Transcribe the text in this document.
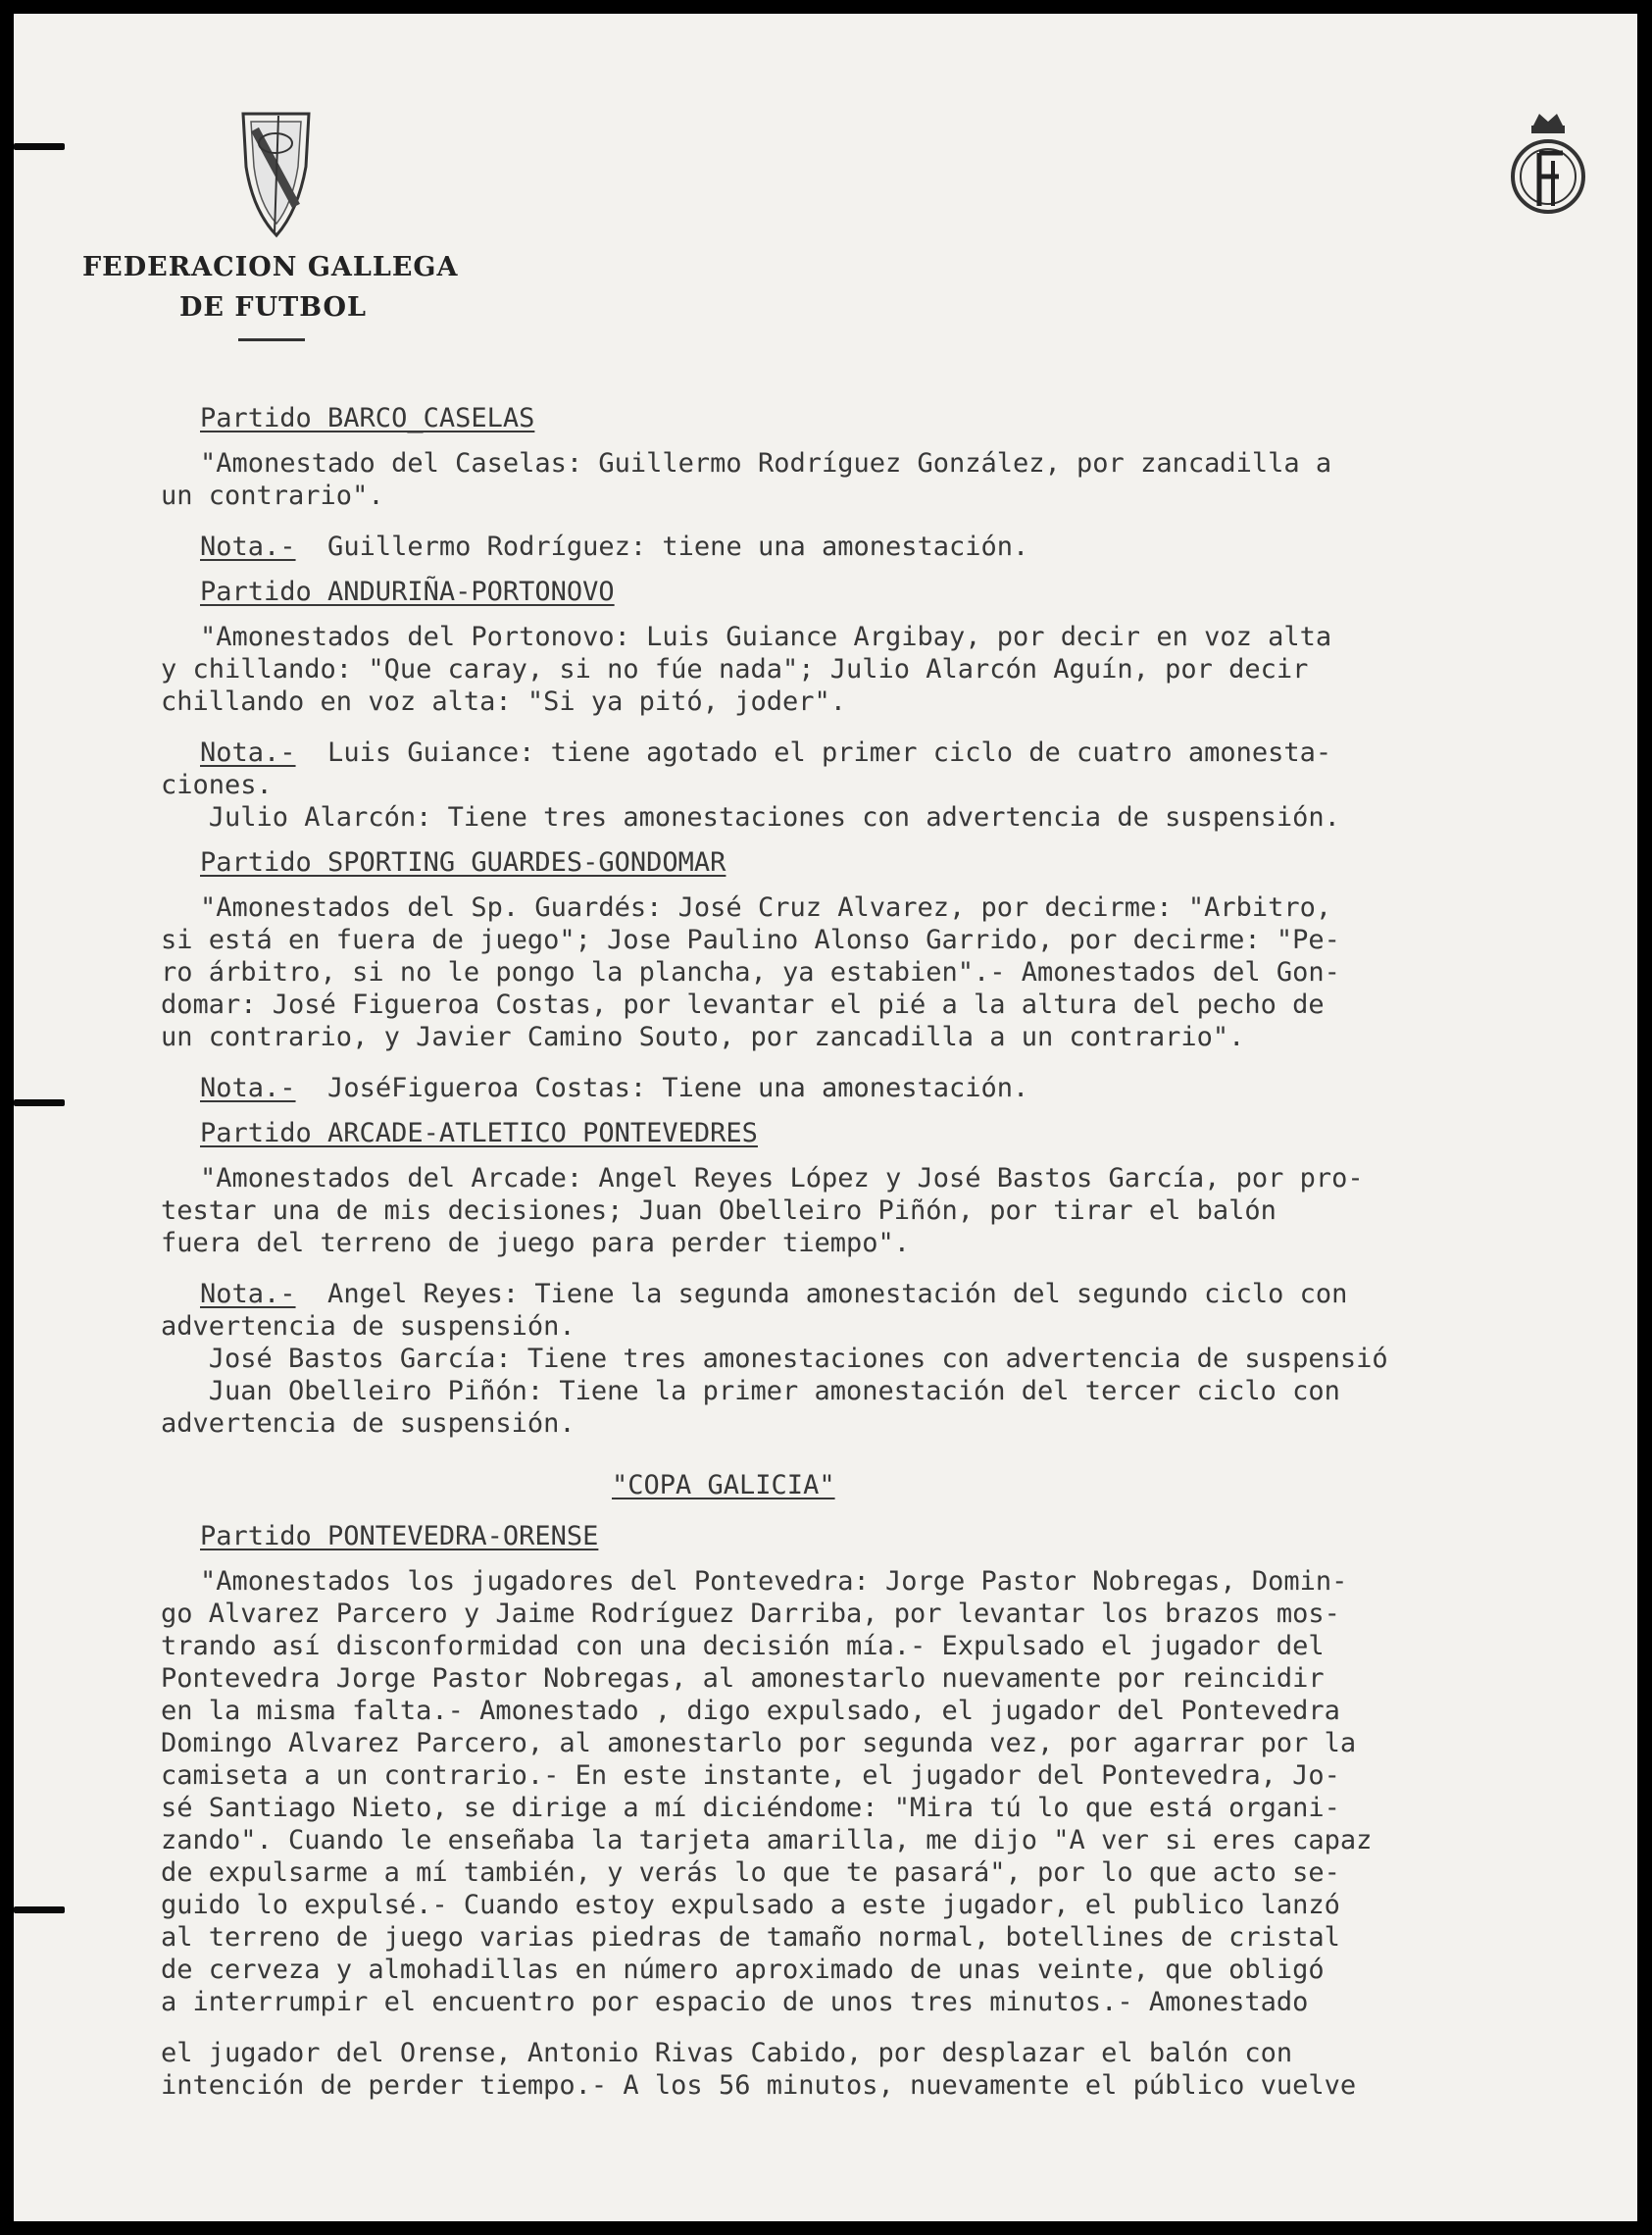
FEDERACION GALLEGA
DE FUTBOL

Partido BARCO_CASELAS

"Amonestado del Caselas: Guillermo Rodríguez González, por zancadilla a

un contrario".

Nota.-  Guillermo Rodríguez: tiene una amonestación.

Partido ANDURIÑA-PORTONOVO

"Amonestados del Portonovo: Luis Guiance Argibay, por decir en voz alta

y chillando: "Que caray, si no fúe nada"; Julio Alarcón Aguín, por decir

chillando en voz alta: "Si ya pitó, joder".

Nota.-  Luis Guiance: tiene agotado el primer ciclo de cuatro amonesta-

ciones.

Julio Alarcón: Tiene tres amonestaciones con advertencia de suspensión.

Partido SPORTING GUARDES-GONDOMAR

"Amonestados del Sp. Guardés: José Cruz Alvarez, por decirme: "Arbitro,

si está en fuera de juego"; Jose Paulino Alonso Garrido, por decirme: "Pe-

ro árbitro, si no le pongo la plancha, ya estabien".- Amonestados del Gon-

domar: José Figueroa Costas, por levantar el pié a la altura del pecho de

un contrario, y Javier Camino Souto, por zancadilla a un contrario".

Nota.-  JoséFigueroa Costas: Tiene una amonestación.

Partido ARCADE-ATLETICO PONTEVEDRES

"Amonestados del Arcade: Angel Reyes López y José Bastos García, por pro-

testar una de mis decisiones; Juan Obelleiro Piñón, por tirar el balón

fuera del terreno de juego para perder tiempo".

Nota.-  Angel Reyes: Tiene la segunda amonestación del segundo ciclo con

advertencia de suspensión.

José Bastos García: Tiene tres amonestaciones con advertencia de suspensió

Juan Obelleiro Piñón: Tiene la primer amonestación del tercer ciclo con

advertencia de suspensión.

"COPA GALICIA"

Partido PONTEVEDRA-ORENSE

"Amonestados los jugadores del Pontevedra: Jorge Pastor Nobregas, Domin-

go Alvarez Parcero y Jaime Rodríguez Darriba, por levantar los brazos mos-

trando así disconformidad con una decisión mía.- Expulsado el jugador del

Pontevedra Jorge Pastor Nobregas, al amonestarlo nuevamente por reincidir

en la misma falta.- Amonestado , digo expulsado, el jugador del Pontevedra

Domingo Alvarez Parcero, al amonestarlo por segunda vez, por agarrar por la

camiseta a un contrario.- En este instante, el jugador del Pontevedra, Jo-

sé Santiago Nieto, se dirige a mí diciéndome: "Mira tú lo que está organi-

zando". Cuando le enseñaba la tarjeta amarilla, me dijo "A ver si eres capaz

de expulsarme a mí también, y verás lo que te pasará", por lo que acto se-

guido lo expulsé.- Cuando estoy expulsado a este jugador, el publico lanzó

al terreno de juego varias piedras de tamaño normal, botellines de cristal

de cerveza y almohadillas en número aproximado de unas veinte, que obligó

a interrumpir el encuentro por espacio de unos tres minutos.- Amonestado

el jugador del Orense, Antonio Rivas Cabido, por desplazar el balón con

intención de perder tiempo.- A los 56 minutos, nuevamente el público vuelve
